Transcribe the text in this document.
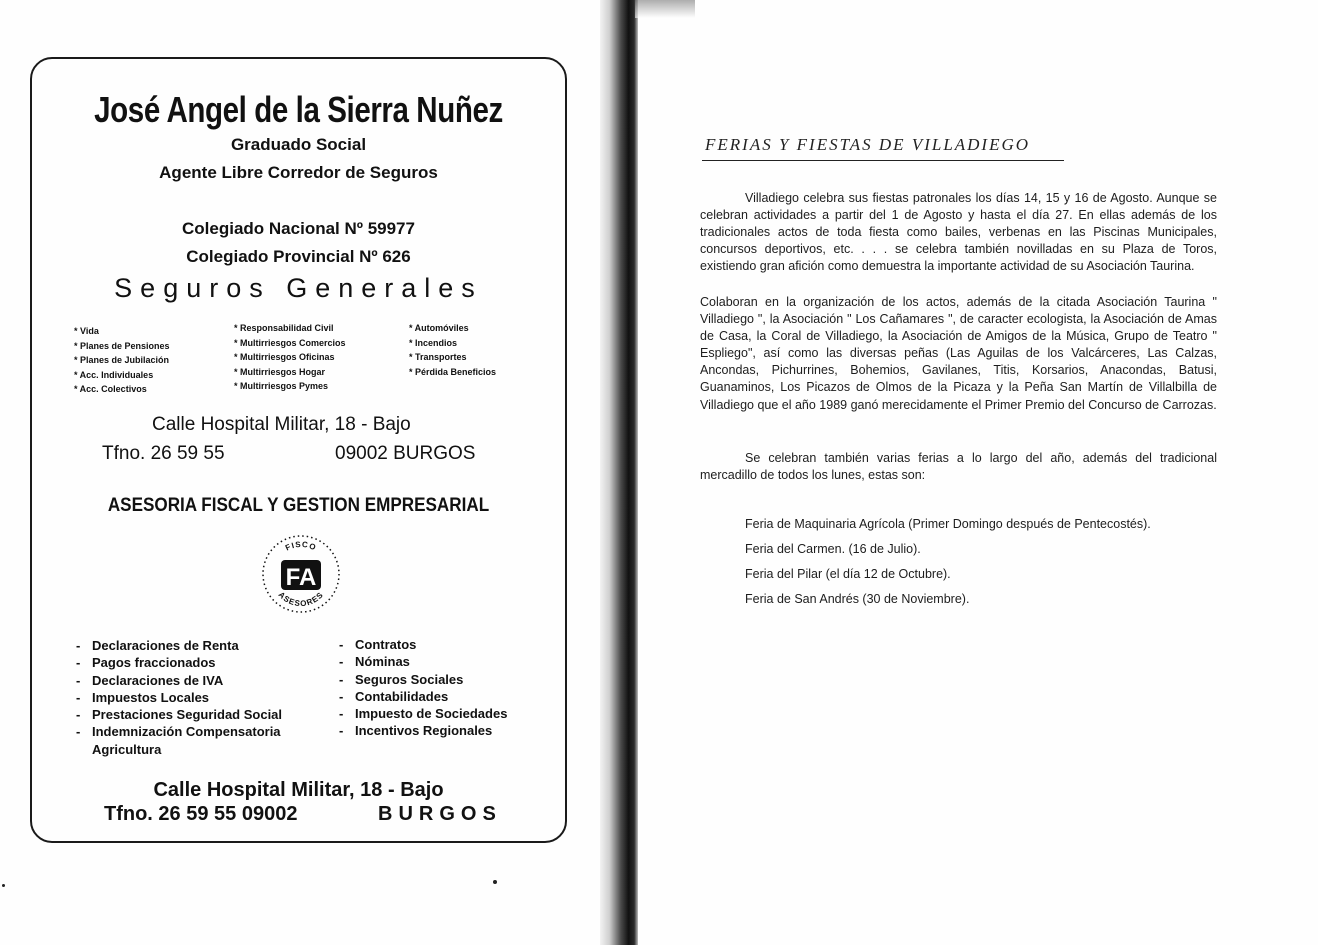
José Angel de la Sierra Nuñez
Graduado Social
Agente Libre Corredor de Seguros
Colegiado Nacional Nº 59977
Colegiado Provincial Nº 626
Seguros Generales
* Vida
* Planes de Pensiones
* Planes de Jubilación
* Acc. Individuales
* Acc. Colectivos
* Responsabilidad Civil
* Multirriesgos Comercios
* Multirriesgos Oficinas
* Multirriesgos Hogar
* Multirriesgos Pymes
* Automóviles
* Incendios
* Transportes
* Pérdida Beneficios
Calle Hospital Militar, 18 - Bajo
Tfno. 26 59 55	09002 BURGOS
ASESORIA FISCAL Y GESTION EMPRESARIAL
FISCO
ASESORES
FA
- Declaraciones de Renta
- Pagos fraccionados
- Declaraciones de IVA
- Impuestos Locales
- Prestaciones Seguridad Social
- Indemnización Compensatoria Agricultura
- Contratos
- Nóminas
- Seguros Sociales
- Contabilidades
- Impuesto de Sociedades
- Incentivos Regionales
Calle Hospital Militar, 18 - Bajo
Tfno. 26 59 55 09002	BURGOS
FERIAS Y FIESTAS DE VILLADIEGO
Villadiego celebra sus fiestas patronales los días 14, 15 y 16 de Agosto. Aunque se celebran actividades a partir del 1 de Agosto y hasta el día 27. En ellas además de los tradicionales actos de toda fiesta como bailes, verbenas en las Piscinas Municipales, concursos deportivos, etc. . . . se celebra también novilladas en su Plaza de Toros, existiendo gran afición como demuestra la importante actividad de su Asociación Taurina.
Colaboran en la organización de los actos, además de la citada Asociación Taurina " Villadiego ", la Asociación " Los Cañamares ", de caracter ecologista, la Asociación de Amas de Casa, la Coral de Villadiego, la Asociación de Amigos de la Música, Grupo de Teatro " Espliego", así como las diversas peñas (Las Aguilas de los Valcárceres, Las Calzas, Ancondas, Pichurrines, Bohemios, Gavilanes, Titis, Korsarios, Anacondas, Batusi, Guanaminos, Los Picazos de Olmos de la Picaza y la Peña San Martín de Villalbilla de Villadiego que el año 1989 ganó merecidamente el Primer Premio del Concurso de Carrozas.
Se celebran también varias ferias a lo largo del año, además del tradicional mercadillo de todos los lunes, estas son:
Feria de Maquinaria Agrícola (Primer Domingo después de Pentecostés).
Feria del Carmen. (16 de Julio).
Feria del Pilar (el día 12 de Octubre).
Feria de San Andrés (30 de Noviembre).
